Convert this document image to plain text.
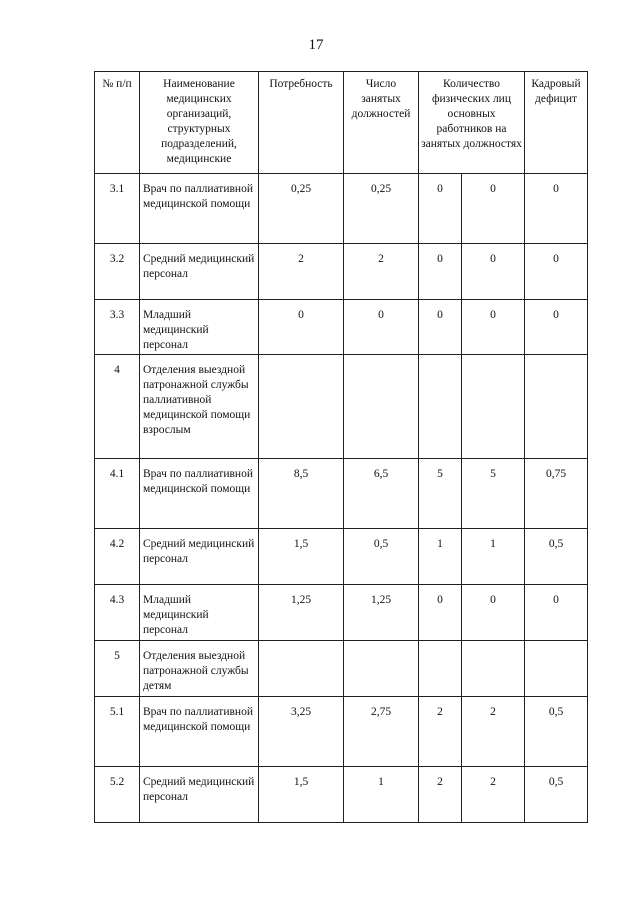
17
№ п/п	Наименование медицинских организаций, структурных подразделений, медицинские	Потребность	Число занятых должностей	Количество физических лиц основных работников на занятых должностях		Кадровый дефицит

3.1	Врач по паллиативной медицинской помощи	0,25	0,25	0	0	0

3.2	Средний медицинский персонал	2	2	0	0	0

3.3	Младший медицинский персонал	0	0	0	0	0

4	Отделения выездной патронажной службы паллиативной медицинской помощи взрослым					

4.1	Врач по паллиативной медицинской помощи	8,5	6,5	5	5	0,75

4.2	Средний медицинский персонал	1,5	0,5	1	1	0,5

4.3	Младший медицинский персонал	1,25	1,25	0	0	0

5	Отделения выездной патронажной службы детям					

5.1	Врач по паллиативной медицинской помощи	3,25	2,75	2	2	0,5

5.2	Средний медицинский персонал	1,5	1	2	2	0,5
